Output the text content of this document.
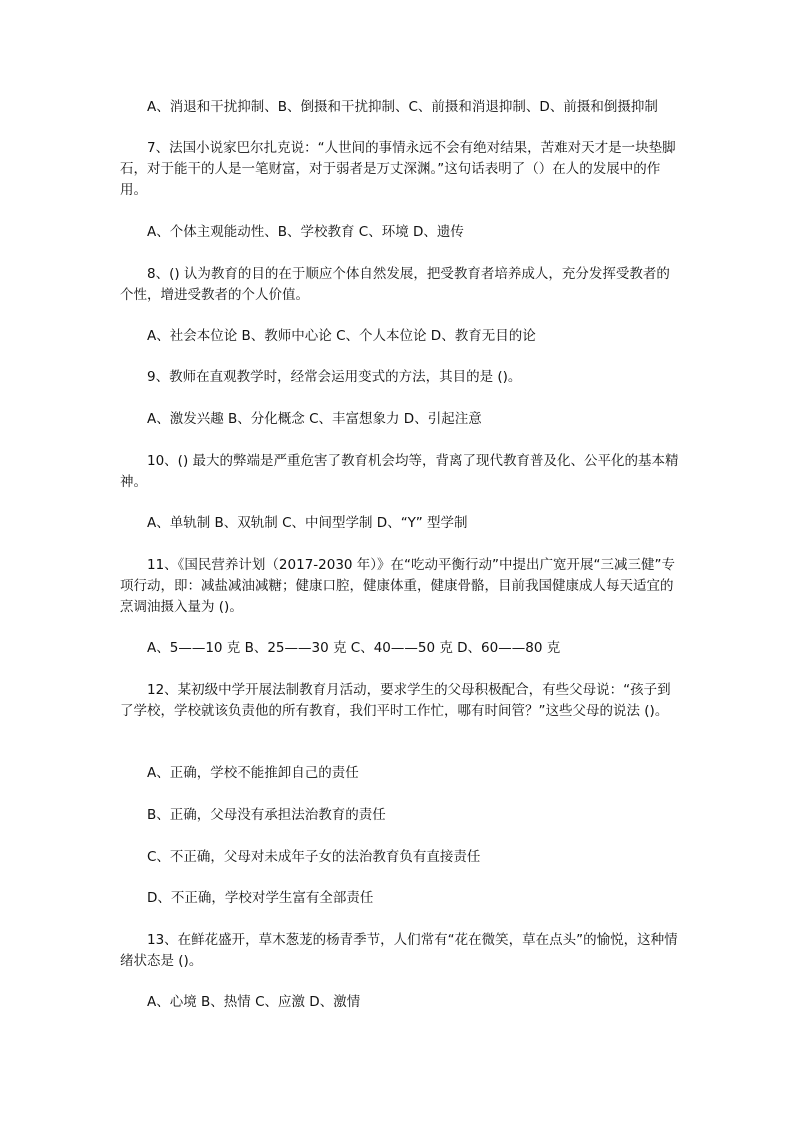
A、消退和干扰抑制、B、倒摄和干扰抑制、C、前摄和消退抑制、D、前摄和倒摄抑制

7、法国小说家巴尔扎克说：“人世间的事情永远不会有绝对结果，苦难对天才是一块垫脚石，对于能干的人是一笔财富，对于弱者是万丈深渊。”这句话表明了（）在人的发展中的作用。

A、个体主观能动性、B、学校教育 C、环境 D、遗传

8、() 认为教育的目的在于顺应个体自然发展，把受教育者培养成人，充分发挥受教者的个性，增进受教者的个人价值。

A、社会本位论 B、教师中心论 C、个人本位论 D、教育无目的论

9、教师在直观教学时，经常会运用变式的方法，其目的是 ()。

A、激发兴趣 B、分化概念 C、丰富想象力 D、引起注意

10、() 最大的弊端是严重危害了教育机会均等，背离了现代教育普及化、公平化的基本精神。

A、单轨制 B、双轨制 C、中间型学制 D、“Y” 型学制

11、《国民营养计划（2017-2030 年）》在“吃动平衡行动”中提出广宽开展“三减三健”专项行动，即：减盐减油减糖；健康口腔，健康体重，健康骨骼，目前我国健康成人每天适宜的烹调油摄入量为 ()。

A、5——10 克 B、25——30 克 C、40——50 克 D、60——80 克

12、某初级中学开展法制教育月活动，要求学生的父母积极配合，有些父母说：“孩子到了学校，学校就该负责他的所有教育，我们平时工作忙，哪有时间管？”这些父母的说法 ()。

A、正确，学校不能推卸自己的责任

B、正确，父母没有承担法治教育的责任

C、不正确，父母对未成年子女的法治教育负有直接责任

D、不正确，学校对学生富有全部责任

13、在鲜花盛开，草木葱茏的杨青季节，人们常有“花在微笑，草在点头”的愉悦，这种情绪状态是 ()。

A、心境 B、热情 C、应激 D、激情
